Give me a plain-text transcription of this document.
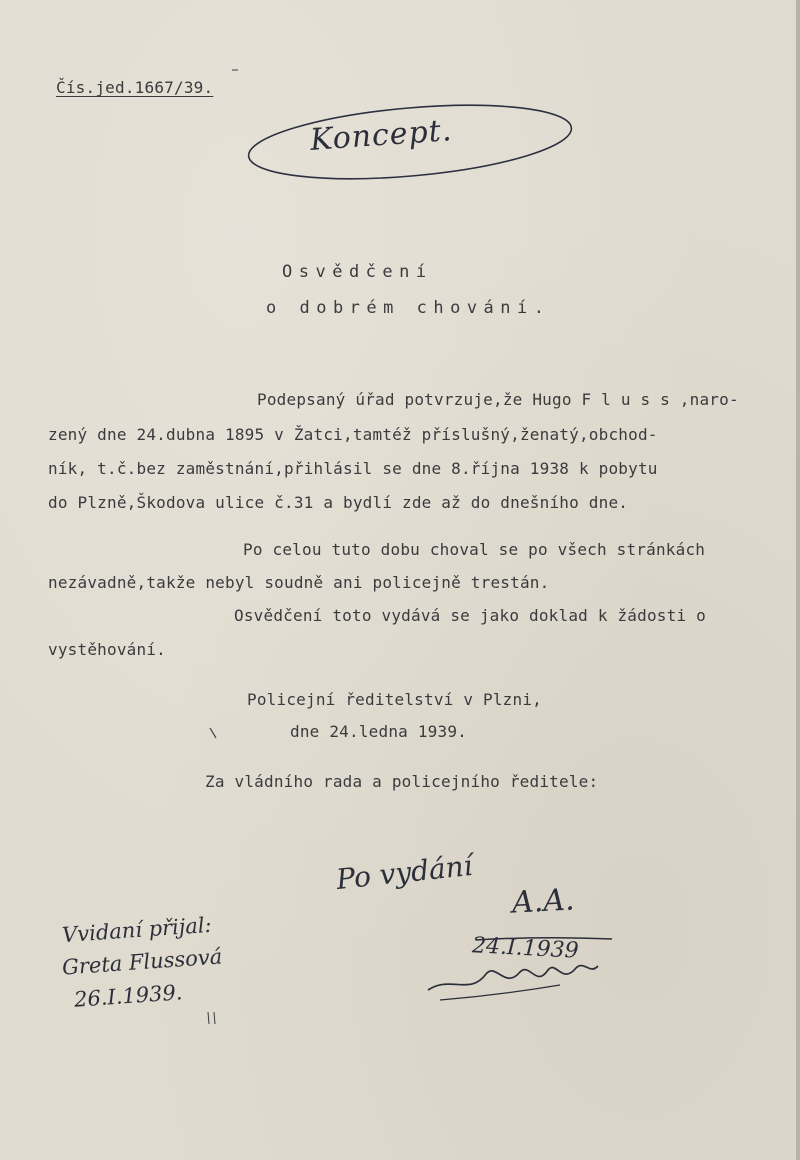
Čís.jed.1667/39.
Koncept.
Osvědčení
o dobrém chování.
Podepsaný úřad potvrzuje,že Hugo F l u s s ,naro-
zený dne 24.dubna 1895 v Žatci,tamtéž příslušný,ženatý,obchod-
ník, t.č.bez zaměstnání,přihlásil se dne 8.října 1938 k pobytu
do Plzně,Škodova ulice č.31 a bydlí zde až do dnešního dne.
Po celou tuto dobu choval se po všech stránkách
nezávadně,takže nebyl soudně ani policejně trestán.
Osvědčení toto vydává se jako doklad k žádosti o
vystěhování.
Policejní ředitelství v Plzni,
dne 24.ledna 1939.
Za vládního rada a policejního ředitele:
Po vydání
A.A.
24.I.1939
Vvidaní přijal:
Greta Flussová
26.I.1939.
